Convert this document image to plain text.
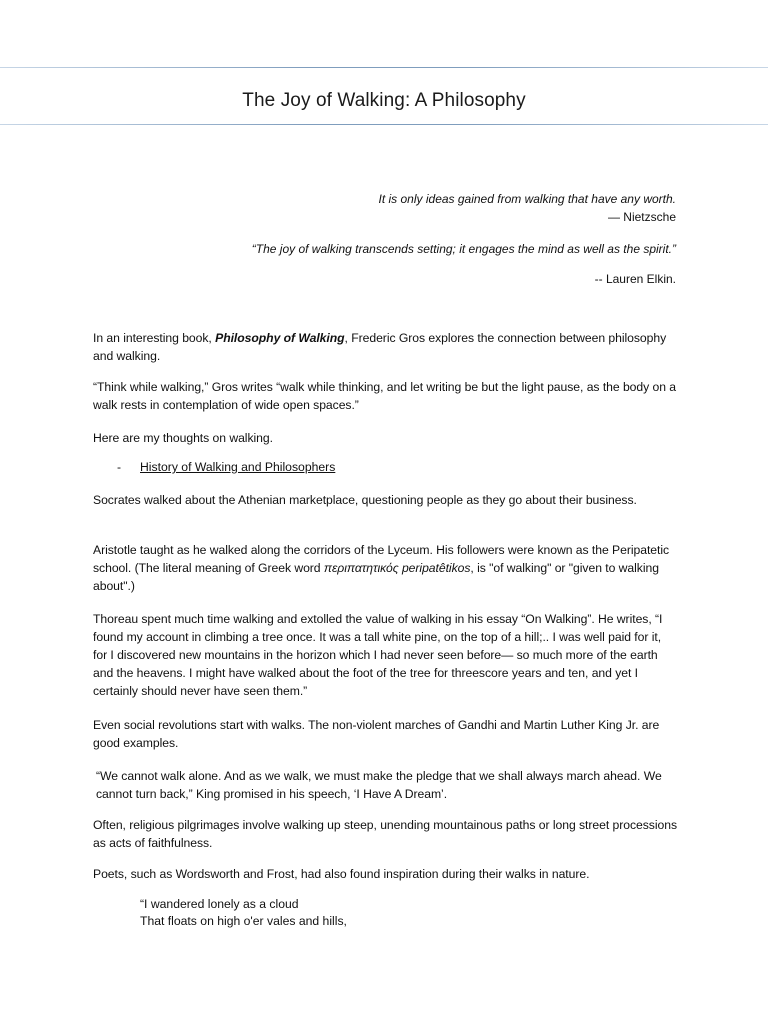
The Joy of Walking: A Philosophy
It is only ideas gained from walking that have any worth.
— Nietzsche
“The joy of walking transcends setting; it engages the mind as well as the spirit.”
-- Lauren Elkin.
In an interesting book, Philosophy of Walking, Frederic Gros explores the connection between philosophy and walking.
“Think while walking,” Gros writes “walk while thinking, and let writing be but the light pause, as the body on a walk rests in contemplation of wide open spaces.”
Here are my thoughts on walking.
- History of Walking and Philosophers
Socrates walked about the Athenian marketplace, questioning people as they go about their business.
Aristotle taught as he walked along the corridors of the Lyceum. His followers were known as the Peripatetic school. (The literal meaning of Greek word περιπατητικός peripatêtikos, is "of walking" or "given to walking about".)
Thoreau spent much time walking and extolled the value of walking in his essay “On Walking”. He writes, “I found my account in climbing a tree once. It was a tall white pine, on the top of a hill;.. I was well paid for it, for I discovered new mountains in the horizon which I had never seen before— so much more of the earth and the heavens. I might have walked about the foot of the tree for threescore years and ten, and yet I certainly should never have seen them.”
Even social revolutions start with walks. The non-violent marches of Gandhi and Martin Luther King Jr. are good examples.
“We cannot walk alone. And as we walk, we must make the pledge that we shall always march ahead. We cannot turn back,” King promised in his speech, ‘I Have A Dream’.
Often, religious pilgrimages involve walking up steep, unending mountainous paths or long street processions as acts of faithfulness.
Poets, such as Wordsworth and Frost, had also found inspiration during their walks in nature.
“I wandered lonely as a cloud
That floats on high o'er vales and hills,
